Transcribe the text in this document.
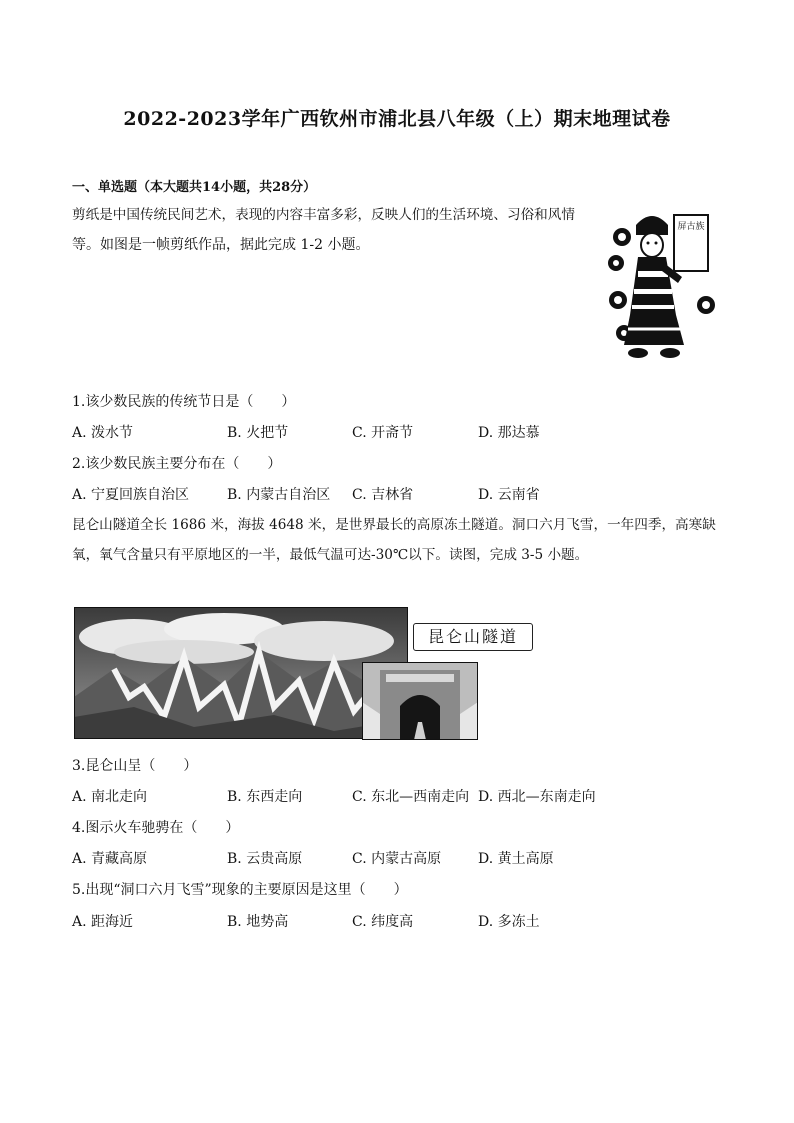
2022-2023学年广西钦州市浦北县八年级（上）期末地理试卷
一、单选题（本大题共14小题，共28分）
剪纸是中国传统民间艺术，表现的内容丰富多彩，反映人们的生活环境、习俗和风情
等。如图是一帧剪纸作品，据此完成 1-2 小题。
屏古族
1.该少数民族的传统节日是（　　）
A. 泼水节	B. 火把节	C. 开斋节	D. 那达慕
2.该少数民族主要分布在（　　）
A. 宁夏回族自治区	B. 内蒙古自治区 C. 吉林省	D. 云南省
昆仑山隧道全长 1686 米，海拔 4648 米，是世界最长的高原冻土隧道。洞口六月飞雪，一年四季，高寒缺
氧，氧气含量只有平原地区的一半，最低气温可达-30℃以下。读图，完成 3-5 小题。
昆仑山隧道
3.昆仑山呈（　　）
A. 南北走向	B. 东西走向	C. 东北—西南走向 D. 西北—东南走向
4.图示火车驰骋在（　　）
A. 青藏高原	B. 云贵高原	C. 内蒙古高原	D. 黄土高原
5.出现“洞口六月飞雪”现象的主要原因是这里（　　）
A. 距海近	B. 地势高	C. 纬度高	D. 多冻土
